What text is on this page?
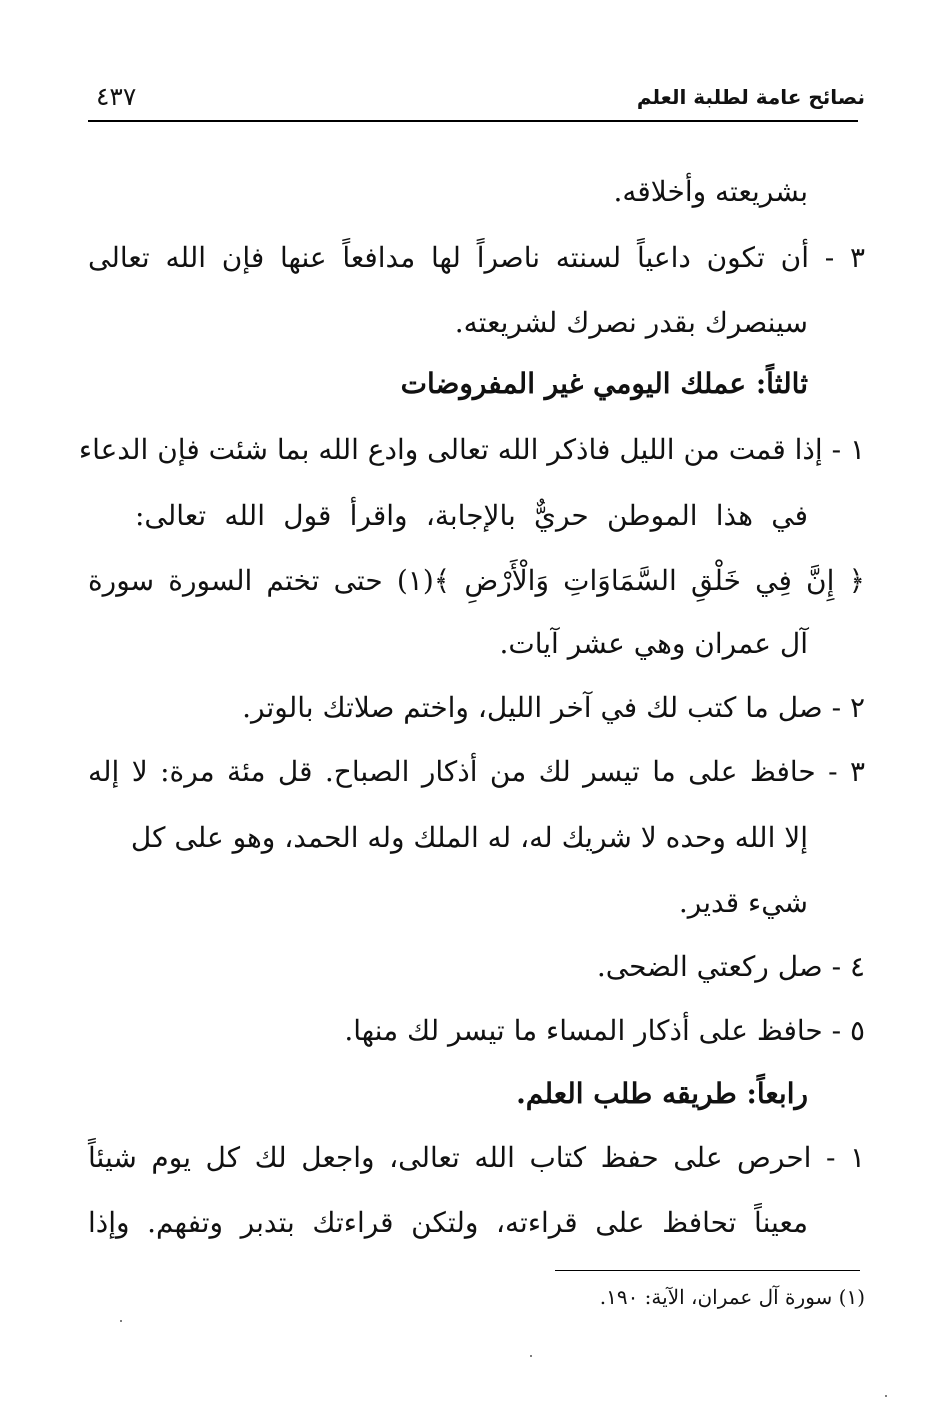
نصائح عامة لطلبة العلم
٤٣٧
بشريعته وأخلاقه.
٣ - أن تكون داعياً لسنته ناصراً لها مدافعاً عنها فإن الله تعالى
سينصرك بقدر نصرك لشريعته.
ثالثاً: عملك اليومي غير المفروضات
١ - إذا قمت من الليل فاذكر الله تعالى وادع الله بما شئت فإن الدعاء
في هذا الموطن حريٌّ بالإجابة، واقرأ قول الله تعالى:
﴿ إِنَّ فِي خَلْقِ السَّمَاوَاتِ وَالْأَرْضِ ﴾(١) حتى تختم السورة سورة
آل عمران وهي عشر آيات.
٢ - صل ما كتب لك في آخر الليل، واختم صلاتك بالوتر.
٣ - حافظ على ما تيسر لك من أذكار الصباح. قل مئة مرة: لا إله
إلا الله وحده لا شريك له، له الملك وله الحمد، وهو على كل
شيء قدير.
٤ - صل ركعتي الضحى.
٥ - حافظ على أذكار المساء ما تيسر لك منها.
رابعاً: طريقه طلب العلم.
١ - احرص على حفظ كتاب الله تعالى، واجعل لك كل يوم شيئاً
معيناً تحافظ على قراءته، ولتكن قراءتك بتدبر وتفهم. وإذا
(١) سورة آل عمران، الآية: ١٩٠.
